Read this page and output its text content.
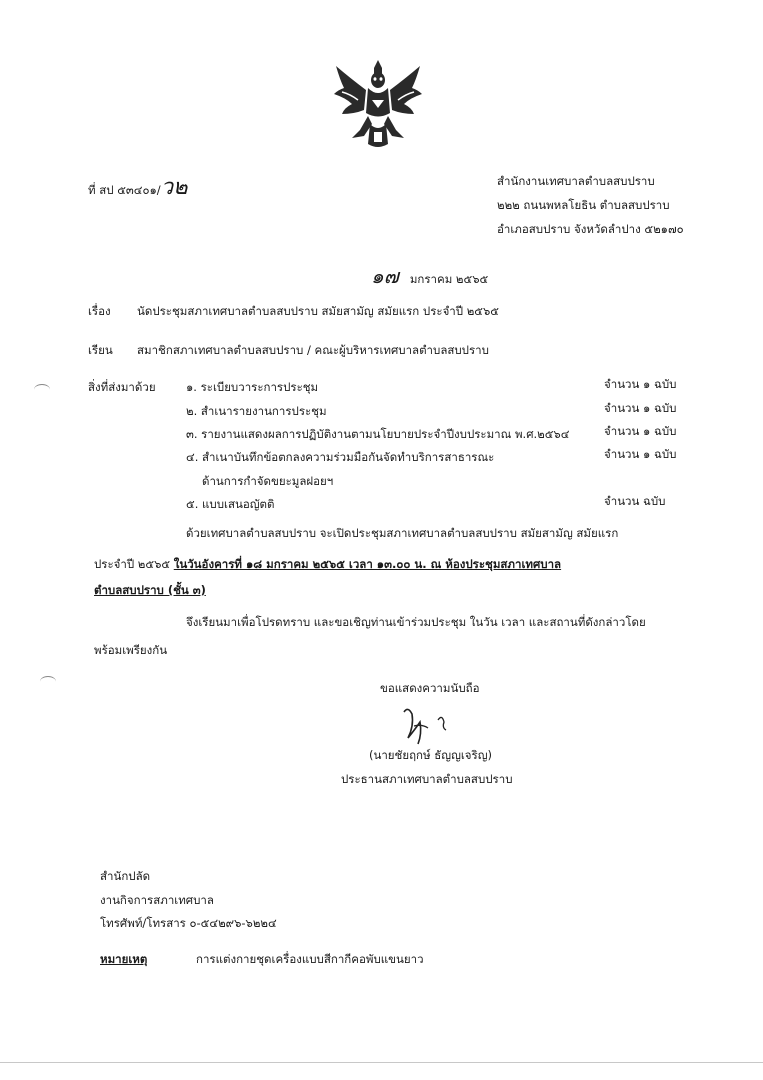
ที่ สป ๕๓๔๐๑/ว๒	สำนักงานเทศบาลตำบลสบปราบ
๒๒๒ ถนนพหลโยธิน ตำบลสบปราบ
อำเภอสบปราบ จังหวัดลำปาง ๕๒๑๗๐
๑๗ มกราคม ๒๕๖๕
เรื่อง นัดประชุมสภาเทศบาลตำบลสบปราบ สมัยสามัญ สมัยแรก ประจำปี ๒๕๖๕
เรียน สมาชิกสภาเทศบาลตำบลสบปราบ / คณะผู้บริหารเทศบาลตำบลสบปราบ
สิ่งที่ส่งมาด้วย	๑. ระเบียบวาระการประชุม	จำนวน ๑ ฉบับ
๒. สำเนารายงานการประชุม	จำนวน ๑ ฉบับ
๓. รายงานแสดงผลการปฏิบัติงานตามนโยบายประจำปีงบประมาณ พ.ศ.๒๕๖๔	จำนวน ๑ ฉบับ
๔. สำเนาบันทึกข้อตกลงความร่วมมือกันจัดทำบริการสาธารณะ	จำนวน ๑ ฉบับ
ด้านการกำจัดขยะมูลฝอยฯ
๕. แบบเสนอญัตติ	จำนวน ฉบับ
ด้วยเทศบาลตำบลสบปราบ จะเปิดประชุมสภาเทศบาลตำบลสบปราบ สมัยสามัญ สมัยแรก
ประจำปี ๒๕๖๕ ในวันอังคารที่ ๑๘ มกราคม ๒๕๖๕ เวลา ๑๓.๐๐ น. ณ ห้องประชุมสภาเทศบาล
ตำบลสบปราบ (ชั้น ๓)
จึงเรียนมาเพื่อโปรดทราบ และขอเชิญท่านเข้าร่วมประชุม ในวัน เวลา และสถานที่ดังกล่าวโดย
พร้อมเพรียงกัน
ขอแสดงความนับถือ
(นายชัยฤกษ์ ธัญญเจริญ)
ประธานสภาเทศบาลตำบลสบปราบ
สำนักปลัด
งานกิจการสภาเทศบาล
โทรศัพท์/โทรสาร ๐-๕๔๒๙๖-๖๒๒๔
หมายเหตุ	การแต่งกายชุดเครื่องแบบสีกากีคอพับแขนยาว
